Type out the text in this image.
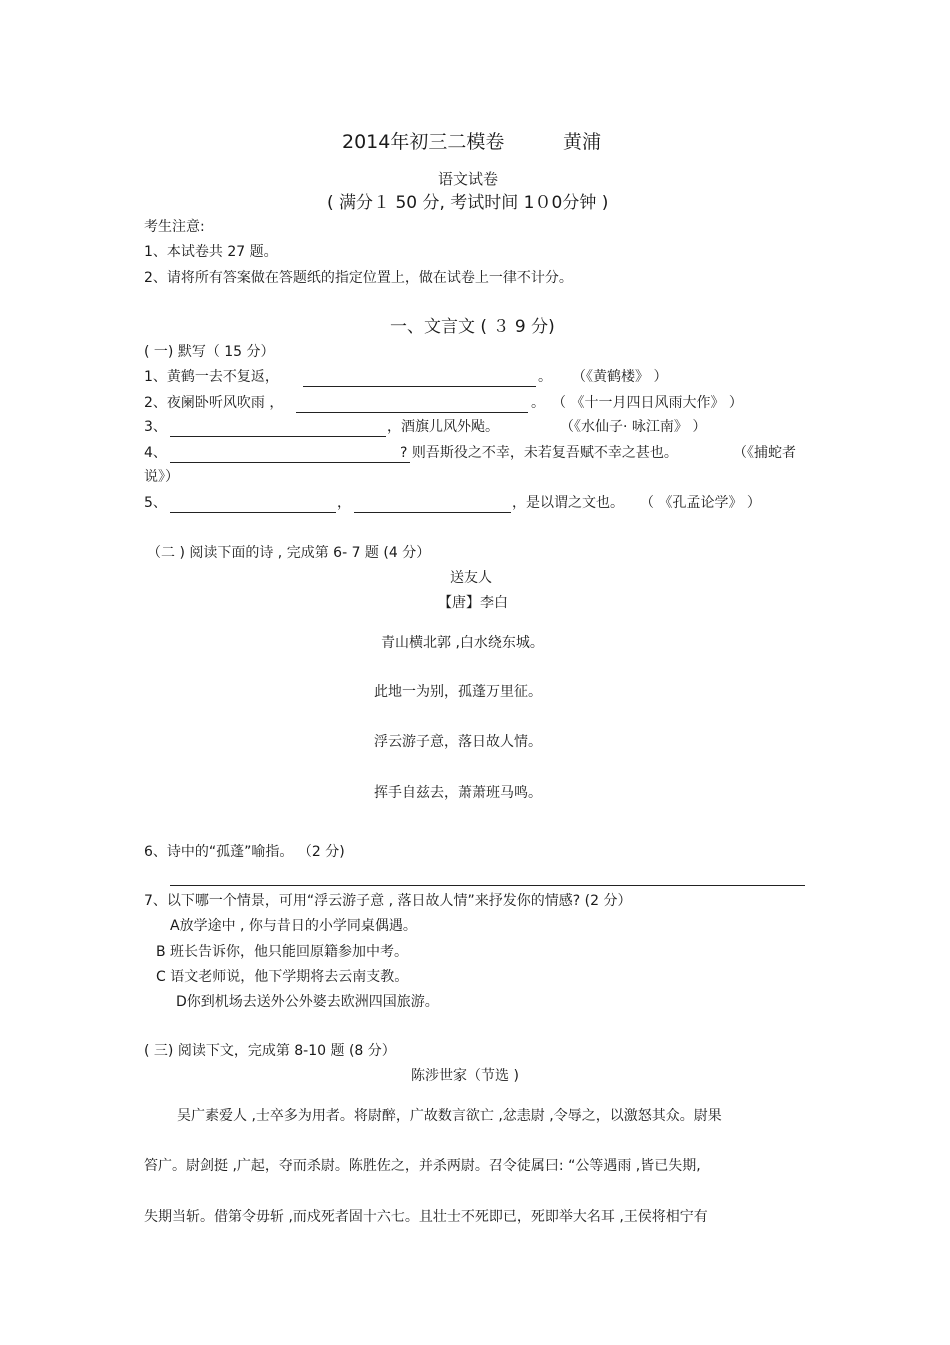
2014年初三二模卷	黄浦
语文试卷
( 满分１ 50 分, 考试时间 1０0分钟 )
考生注意:
1、本试卷共 27 题。
2、请将所有答案做在答题纸的指定位置上，做在试卷上一律不计分。
一、文言文 ( ３ 9 分)
( 一) 默写（ 15 分）
1、黄鹤一去不复返，	。 （《黄鹤楼》 ）
2、夜阑卧听风吹雨 ，	。 （ 《十一月四日风雨大作》 ）
3、	，酒旗儿风外飐。	（《水仙子· 咏江南》 ）
4、	? 则吾斯役之不幸，未若复吾赋不幸之甚也。	（《捕蛇者
说》）
5、	，	，是以谓之文也。 （ 《孔孟论学》 ）
（二 ) 阅读下面的诗 , 完成第 6- 7 题 (4 分）
送友人
【唐】李白
青山横北郭 ,白水绕东城。
此地一为别，孤蓬万里征。
浮云游子意，落日故人情。
挥手自兹去，萧萧班马鸣。
6、诗中的“孤蓬”喻指。 （2 分)
7、以下哪一个情景，可用“浮云游子意 , 落日故人情”来抒发你的情感? (2 分）
A放学途中 , 你与昔日的小学同桌偶遇。
B 班长告诉你，他只能回原籍参加中考。
C 语文老师说，他下学期将去云南支教。
D你到机场去送外公外婆去欧洲四国旅游。
( 三) 阅读下文，完成第 8-10 题 (8 分）
陈涉世家（节选 )
吴广素爱人 ,士卒多为用者。将尉醉，广故数言欲亡 ,忿恚尉 ,令辱之，以激怒其众。尉果
笞广。尉剑挺 ,广起，夺而杀尉。陈胜佐之，并杀两尉。召令徒属曰: “公等遇雨 ,皆已失期,
失期当斩。借第令毋斩 ,而戍死者固十六七。且壮士不死即已，死即举大名耳 ,王侯将相宁有
